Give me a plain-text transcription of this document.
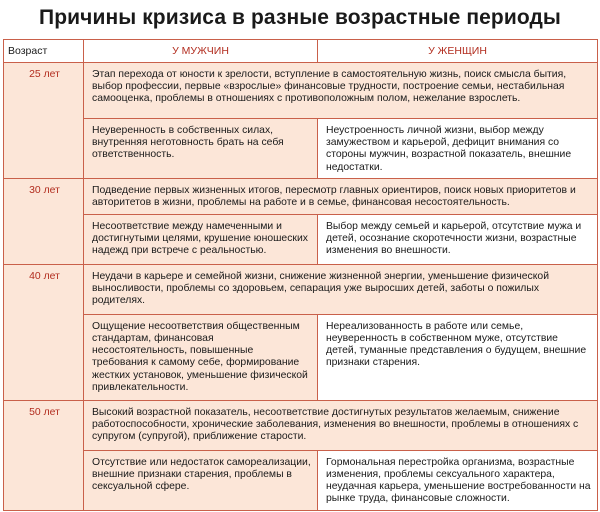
Причины кризиса в разные возрастные периоды
Возраст	У МУЖЧИН	У ЖЕНЩИН
25 лет	Этап перехода от юности к зрелости, вступление в самостоятельную жизнь, поиск смысла бытия, выбор профессии, первые «взрослые» финансовые трудности, построение семьи, нестабильная самооценка, проблемы в отношениях с противоположным полом, нежелание взрослеть.	
	Неуверенность в собственных силах, внутренняя неготовность брать на себя ответственность.	Неустроенность личной жизни, выбор между замужеством и карьерой, дефицит внимания со стороны мужчин, возрастной показатель, внешние недостатки.
30 лет	Подведение первых жизненных итогов, пересмотр главных ориентиров, поиск новых приоритетов и авторитетов в жизни, проблемы на работе и в семье, финансовая несостоятельность.	
	Несоответствие между намеченными и достигнутыми целями, крушение юношеских надежд при встрече с реальностью.	Выбор между семьей и карьерой, отсутствие мужа и детей, осознание скоротечности жизни, возрастные изменения во внешности.
40 лет	Неудачи в карьере и семейной жизни, снижение жизненной энергии, уменьшение физической выносливости, проблемы со здоровьем, сепарация уже выросших детей, заботы о пожилых родителях.	
	Ощущение несоответствия общественным стандартам, финансовая несостоятельность, повышенные требования к самому себе, формирование жестких установок, уменьшение физической привлекательности.	Нереализованность в работе или семье, неуверенность в собственном муже, отсутствие детей, туманные представления о будущем, внешние признаки старения.
50 лет	Высокий возрастной показатель, несоответствие достигнутых результатов желаемым, снижение работоспособности, хронические заболевания, изменения во внешности, проблемы в отношениях с супругом (супругой), приближение старости.	
	Отсутствие или недостаток самореализации, внешние признаки старения, проблемы в сексуальной сфере.	Гормональная перестройка организма, возрастные изменения, проблемы сексуального характера, неудачная карьера, уменьшение востребованности на рынке труда, финансовые сложности.
